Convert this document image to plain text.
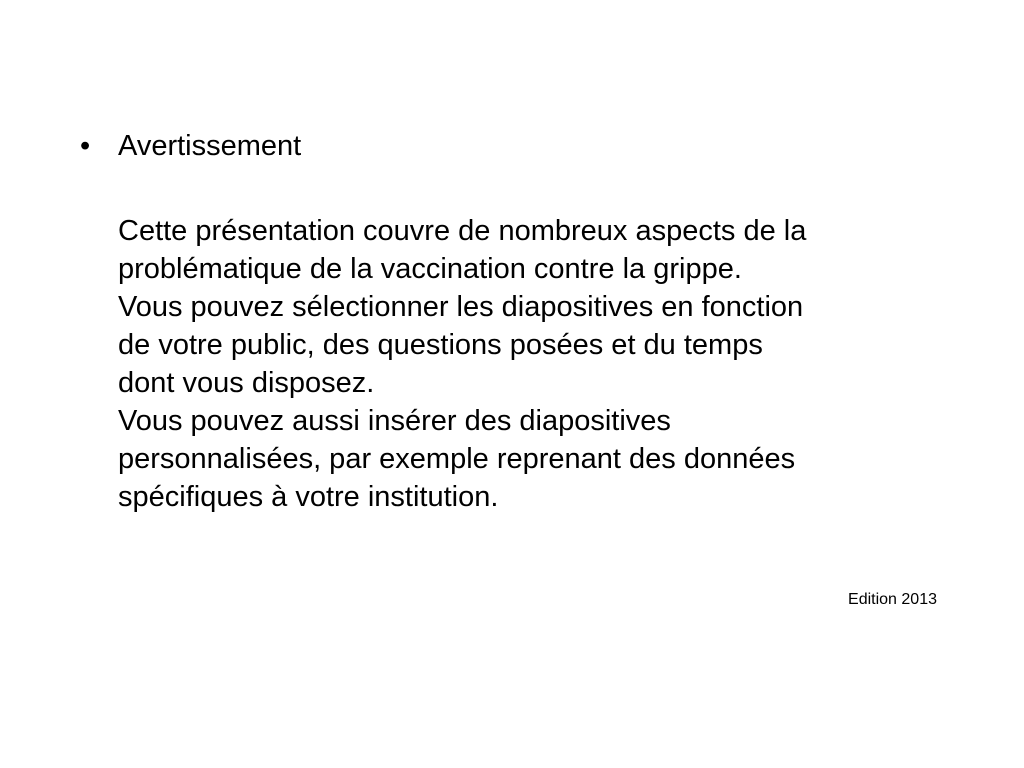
• Avertissement
Cette présentation couvre de nombreux aspects de la
problématique de la vaccination contre la grippe.
Vous pouvez sélectionner les diapositives en fonction
de votre public, des questions posées et du temps
dont vous disposez.
Vous pouvez aussi insérer des diapositives
personnalisées, par exemple reprenant des données
spécifiques à votre institution.
Edition 2013
